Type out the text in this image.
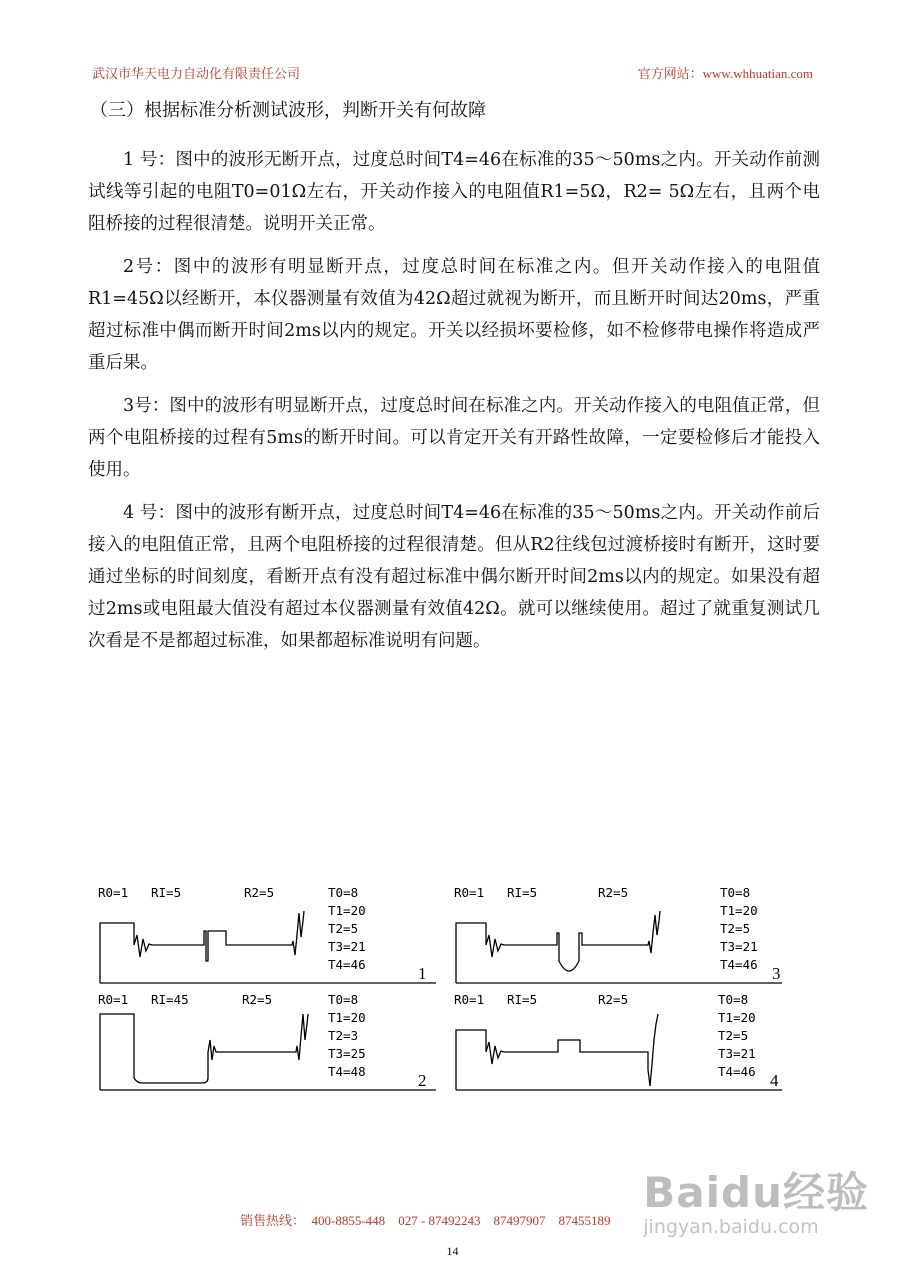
武汉市华天电力自动化有限责任公司	官方网站：www.whhuatian.com
（三）根据标准分析测试波形，判断开关有何故障

1 号：图中的波形无断开点，过度总时间T4=46在标准的35～50ms之内。开关动作前测试线等引起的电阻T0=01Ω左右，开关动作接入的电阻值R1=5Ω，R2= 5Ω左右，且两个电阻桥接的过程很清楚。说明开关正常。

2号：图中的波形有明显断开点，过度总时间在标准之内。但开关动作接入的电阻值R1=45Ω以经断开，本仪器测量有效值为42Ω超过就视为断开，而且断开时间达20ms，严重超过标准中偶而断开时间2ms以内的规定。开关以经损坏要检修，如不检修带电操作将造成严重后果。

3号：图中的波形有明显断开点，过度总时间在标准之内。开关动作接入的电阻值正常，但两个电阻桥接的过程有5ms的断开时间。可以肯定开关有开路性故障，一定要检修后才能投入使用。

4 号：图中的波形有断开点，过度总时间T4=46在标准的35～50ms之内。开关动作前后接入的电阻值正常，且两个电阻桥接的过程很清楚。但从R2往线包过渡桥接时有断开，这时要通过坐标的时间刻度，看断开点有没有超过标准中偶尔断开时间2ms以内的规定。如果没有超过2ms或电阻最大值没有超过本仪器测量有效值42Ω。就可以继续使用。超过了就重复测试几次看是不是都超过标准，如果都超标准说明有问题。

R0=1 RI=5	R2=5	T0=8
T1=20
T2=5
T3=21
T4=46	1
R0=1 RI=5	R2=5	T0=8
T1=20
T2=5
T3=21
T4=46 3
R0=1 RI=45	R2=5	T0=8
T1=20
T2=3
T3=25
T4=48	2
R0=1 RI=5	R2=5	T0=8
T1=20
T2=5
T3=21
T4=46 4
销售热线： 400-8855-448 027 - 87492243 87497907 87455189
14
Baidu经验
jingyan.baidu.com
